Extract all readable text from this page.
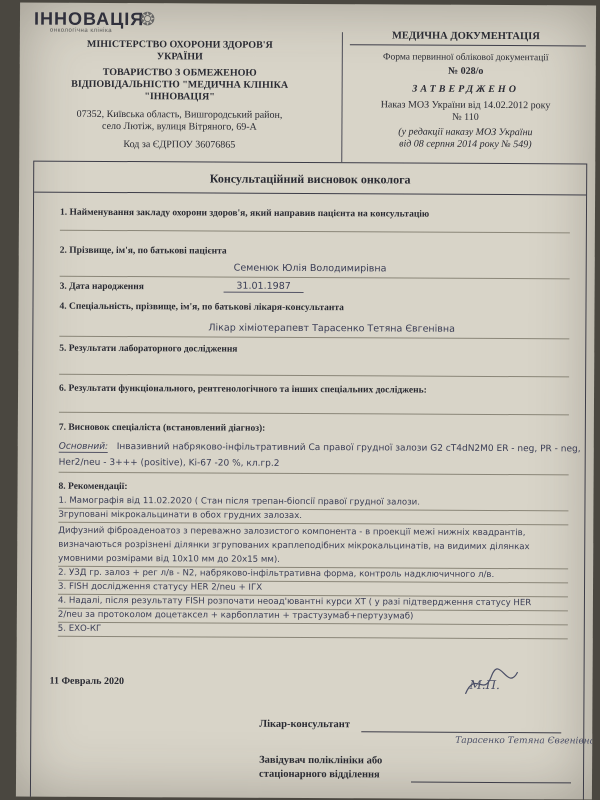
ІННОВАЦІЯ
❂
онкологічна клініка
МІНІСТЕРСТВО ОХОРОНИ ЗДОРОВ'Я
УКРАЇНИ
ТОВАРИСТВО З ОБМЕЖЕНОЮ
ВІДПОВІДАЛЬНІСТЮ "МЕДИЧНА КЛІНІКА
"ІННОВАЦІЯ"
07352, Київська область, Вишгородський район,
село Лютіж, вулиця Вітряного, 69-А
Код за ЄДРПОУ 36076865
МЕДИЧНА ДОКУМЕНТАЦІЯ
Форма первинної облікової документації
№ 028/о
ЗАТВЕРДЖЕНО
Наказ МОЗ України від 14.02.2012 року
№ 110
(у редакції наказу МОЗ України
від 08 серпня 2014 року № 549)
Консультаційний висновок онколога
1. Найменування закладу охорони здоров'я, який направив пацієнта на консультацію
2. Прізвище, ім'я, по батькові пацієнта
Семенюк Юлія Володимирівна
3. Дата народження	31.01.1987
4. Спеціальність, прізвище, ім'я, по батькові лікаря-консультанта
Лікар хіміотерапевт Тарасенко Тетяна Євгенівна
5. Результати лабораторного дослідження
6. Результати функціонального, рентгенологічного та інших спеціальних досліджень:
7. Висновок спеціаліста (встановлений діагноз):
Основний: Інвазивний набряково-інфільтративний Са правої грудної залози G2 cT4dN2M0 ER - neg, PR - neg,
Her2/neu - 3+++ (positive), Ki-67 -20 %, кл.гр.2
8. Рекомендації:
1. Мамографія від 11.02.2020 ( Стан після трепан-біопсії правої грудної залози.
Згруповані мікрокальцинати в обох грудних залозах.
Дифузний фіброаденоатоз з переважно залозистого компонента - в проекції межі нижніх квадрантів,
визначаються розрізнені ділянки згрупованих краплеподібних мікрокальцинатів, на видимих ділянках
умовними розмірами від 10х10 мм до 20х15 мм).
2. УЗД гр. залоз + рег л/в - N2, набряково-інфільтративна форма, контроль надключичного л/в.
3. FISH дослідження статусу HER 2/neu + ІГХ
4. Надалі, після результату FISH розпочати неоад'ювантні курси ХТ ( у разі підтвердження статусу HER
2/neu за протоколом доцетаксел + карбоплатин + трастузумаб+пертузумаб)
5. ЕХО-КГ
11 Февраль 2020	М.П.
Лікар-консультант
Тарасенко Тетяна Євгенівна
Завідувач поліклініки або
стаціонарного відділення
